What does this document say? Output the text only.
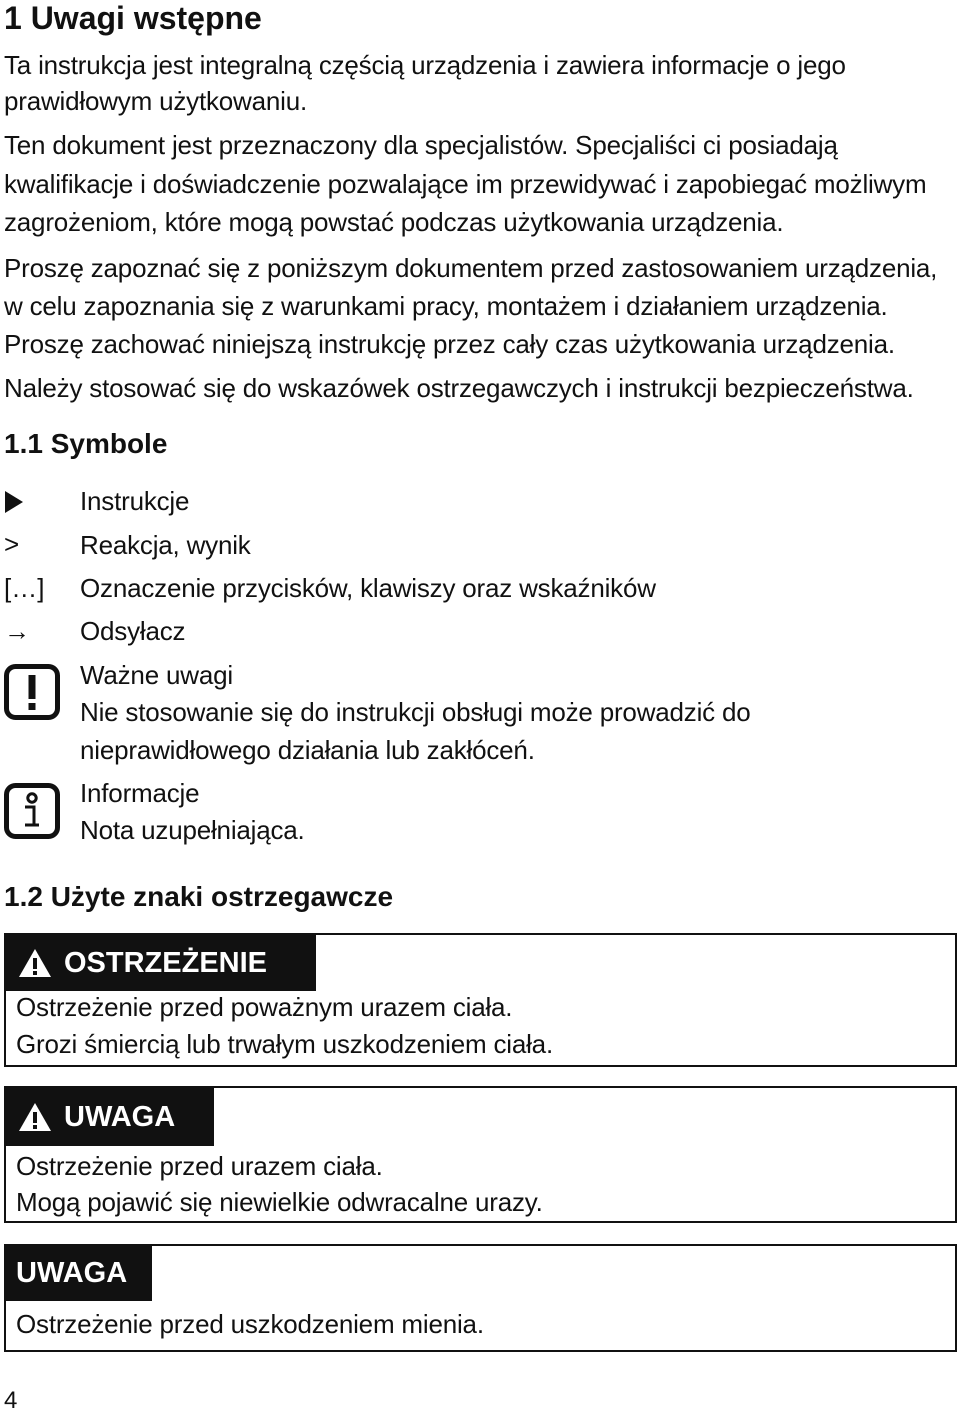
1 Uwagi wstępne
Ta instrukcja jest integralną częścią urządzenia i zawiera informacje o jego
prawidłowym użytkowaniu.
Ten dokument jest przeznaczony dla specjalistów. Specjaliści ci posiadają
kwalifikacje i doświadczenie pozwalające im przewidywać i zapobiegać możliwym
zagrożeniom, które mogą powstać podczas użytkowania urządzenia.
Proszę zapoznać się z poniższym dokumentem przed zastosowaniem urządzenia,
w celu zapoznania się z warunkami pracy, montażem i działaniem urządzenia.
Proszę zachować niniejszą instrukcję przez cały czas użytkowania urządzenia.
Należy stosować się do wskazówek ostrzegawczych i instrukcji bezpieczeństwa.
1.1 Symbole
Instrukcje
>	Reakcja, wynik
[…]	Oznaczenie przycisków, klawiszy oraz wskaźników
→	Odsyłacz
Ważne uwagi
Nie stosowanie się do instrukcji obsługi może prowadzić do
nieprawidłowego działania lub zakłóceń.
Informacje
Nota uzupełniająca.
1.2 Użyte znaki ostrzegawcze
OSTRZEŻENIE
Ostrzeżenie przed poważnym urazem ciała.
Grozi śmiercią lub trwałym uszkodzeniem ciała.
UWAGA
Ostrzeżenie przed urazem ciała.
Mogą pojawić się niewielkie odwracalne urazy.
UWAGA
Ostrzeżenie przed uszkodzeniem mienia.
4
